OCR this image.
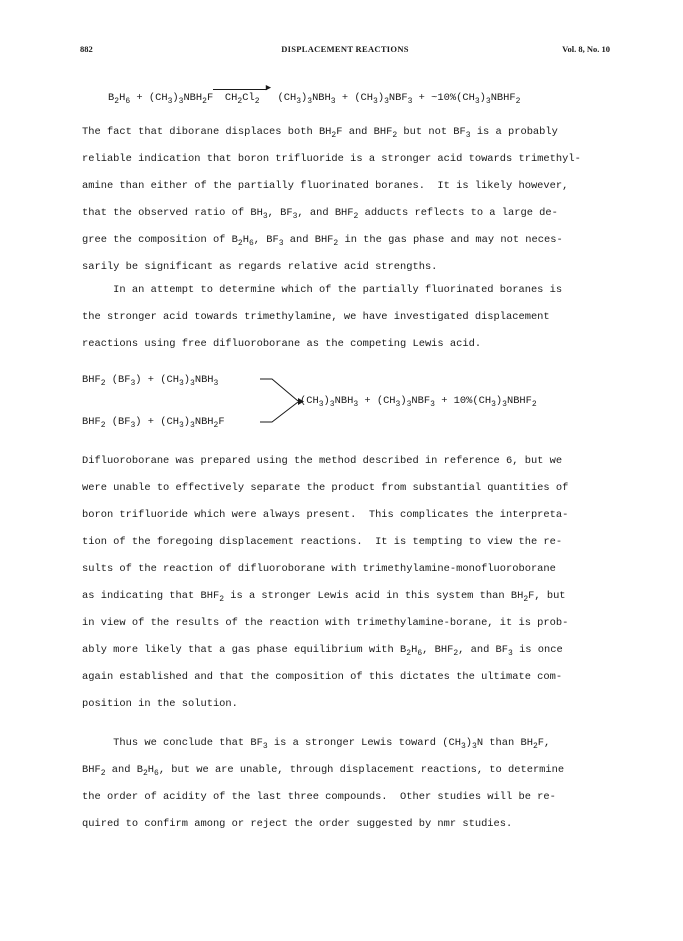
882	DISPLACEMENT REACTIONS	Vol. 8, No. 10
$B_2H_6 + (CH_3)_3NBH_2F$
▶
$CH_2Cl_2$ $(CH_3)_3NBH_3 + (CH_3)_3NBF_3$ + $\sim 10\%(CH_3)_3NBHF_2$
The fact that diborane displaces both $BH_2F$ and $BHF_2$ but not $BF_3$ is a probably
reliable indication that boron trifluoride is a stronger acid towards trimethyl-
amine than either of the partially fluorinated boranes.  It is likely however,
that the observed ratio of $BH_3$, $BF_3$, and $BHF_2$ adducts reflects to a large de-
gree the composition of $B_2H_6$, $BF_3$ and $BHF_2$ in the gas phase and may not neces-
sarily be significant as regards relative acid strengths.
In an attempt to determine which of the partially fluorinated boranes is
the stronger acid towards trimethylamine, we have investigated displacement
reactions using free difluoroborane as the competing Lewis acid.

$BHF_2$ $(BF_3) + (CH_3)_3NBH_3$

$BHF_2$ $(BF_3) + (CH_3)_3NBH_2F$

$(CH_3)_3NBH_3 + (CH_3)_3NBF_3$ + $10\%(CH_3)_3NBHF_2$

Difluoroborane was prepared using the method described in reference 6, but we
were unable to effectively separate the product from substantial quantities of
boron trifluoride which were always present.  This complicates the interpreta-
tion of the foregoing displacement reactions.  It is tempting to view the re-
sults of the reaction of difluoroborane with trimethylamine-monofluoroborane
as indicating that $BHF_2$ is a stronger Lewis acid in this system than $BH_2F$, but
in view of the results of the reaction with trimethylamine-borane, it is prob-
ably more likely that a gas phase equilibrium with $B_2H_6$, $BHF_2$, and $BF_3$ is once
again established and that the composition of this dictates the ultimate com-
position in the solution.
Thus we conclude that $BF_3$ is a stronger Lewis toward $(CH_3)_3N$ than $BH_2F$,
$BHF_2$ and $B_2H_6$, but we are unable, through displacement reactions, to determine
the order of acidity of the last three compounds.  Other studies will be re-
quired to confirm among or reject the order suggested by nmr studies.
